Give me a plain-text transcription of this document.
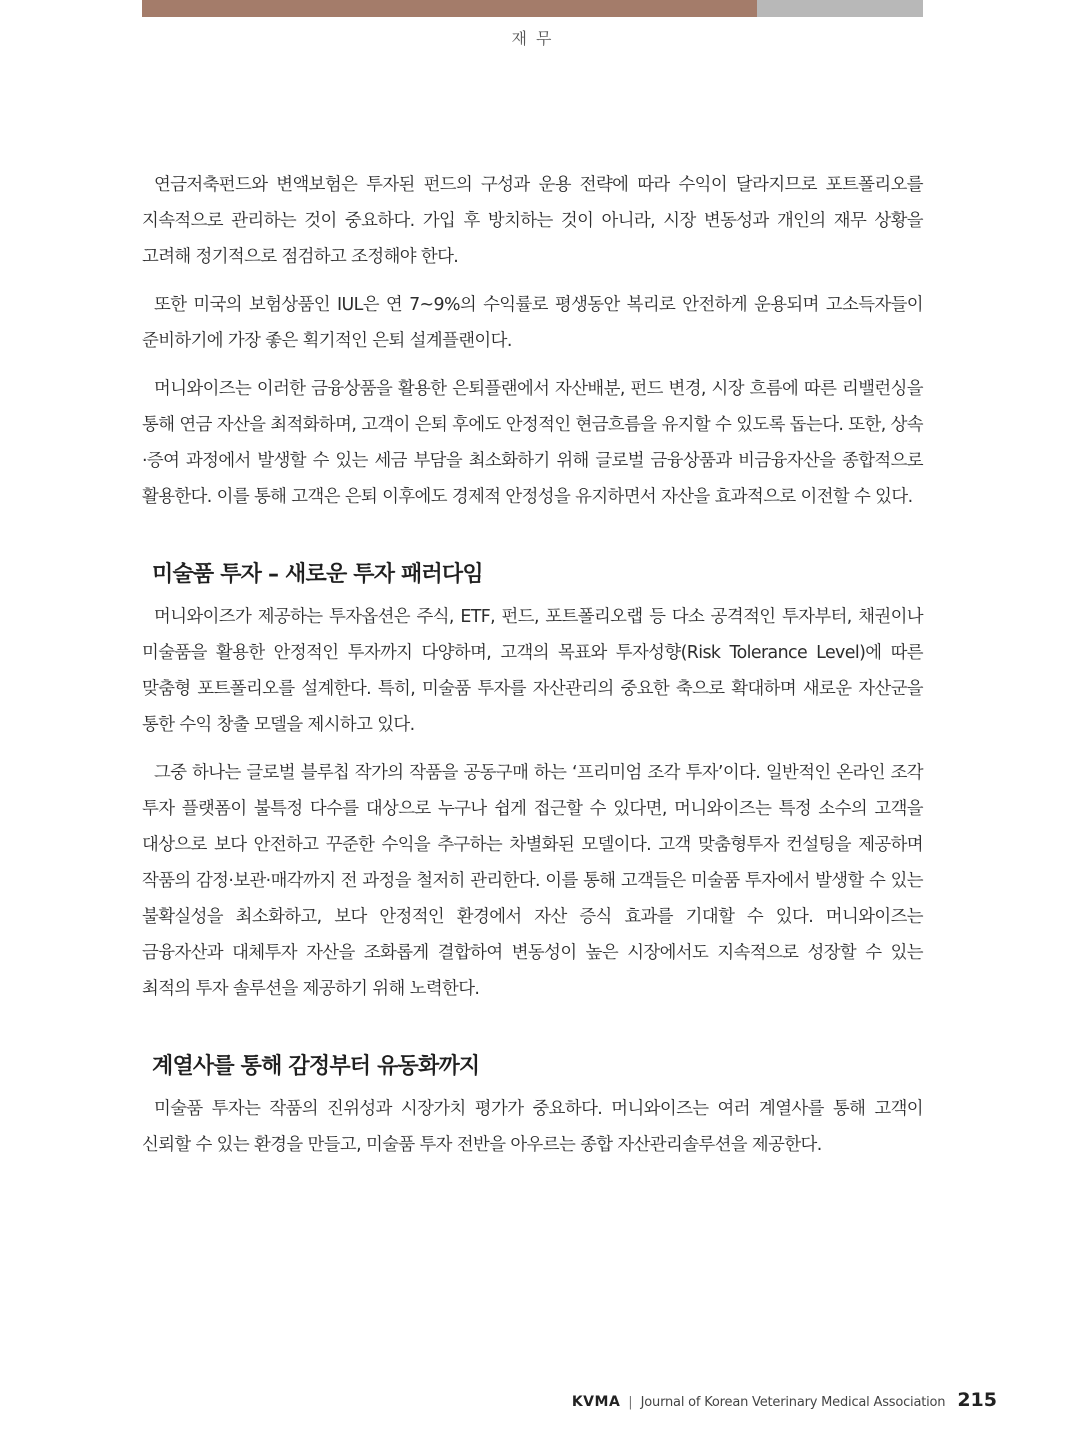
재 무

연금저축펀드와 변액보험은 투자된 펀드의 구성과 운용 전략에 따라 수익이 달라지므로 포트폴리오를 지속적으로 관리하는 것이 중요하다. 가입 후 방치하는 것이 아니라, 시장 변동성과 개인의 재무 상황을 고려해 정기적으로 점검하고 조정해야 한다.

또한 미국의 보험상품인 IUL은 연 7~9%의 수익률로 평생동안 복리로 안전하게 운용되며 고소득자들이 준비하기에 가장 좋은 획기적인 은퇴 설계플랜이다.

머니와이즈는 이러한 금융상품을 활용한 은퇴플랜에서 자산배분, 펀드 변경, 시장 흐름에 따른 리밸런싱을 통해 연금 자산을 최적화하며, 고객이 은퇴 후에도 안정적인 현금흐름을 유지할 수 있도록 돕는다. 또한, 상속·증여 과정에서 발생할 수 있는 세금 부담을 최소화하기 위해 글로벌 금융상품과 비금융자산을 종합적으로 활용한다. 이를 통해 고객은 은퇴 이후에도 경제적 안정성을 유지하면서 자산을 효과적으로 이전할 수 있다.

미술품 투자 – 새로운 투자 패러다임

머니와이즈가 제공하는 투자옵션은 주식, ETF, 펀드, 포트폴리오랩 등 다소 공격적인 투자부터, 채권이나 미술품을 활용한 안정적인 투자까지 다양하며, 고객의 목표와 투자성향(Risk Tolerance Level)에 따른 맞춤형 포트폴리오를 설계한다. 특히, 미술품 투자를 자산관리의 중요한 축으로 확대하며 새로운 자산군을 통한 수익 창출 모델을 제시하고 있다.

그중 하나는 글로벌 블루칩 작가의 작품을 공동구매 하는 ‘프리미엄 조각 투자’이다. 일반적인 온라인 조각 투자 플랫폼이 불특정 다수를 대상으로 누구나 쉽게 접근할 수 있다면, 머니와이즈는 특정 소수의 고객을 대상으로 보다 안전하고 꾸준한 수익을 추구하는 차별화된 모델이다. 고객 맞춤형투자 컨설팅을 제공하며 작품의 감정·보관·매각까지 전 과정을 철저히 관리한다. 이를 통해 고객들은 미술품 투자에서 발생할 수 있는 불확실성을 최소화하고, 보다 안정적인 환경에서 자산 증식 효과를 기대할 수 있다. 머니와이즈는 금융자산과 대체투자 자산을 조화롭게 결합하여 변동성이 높은 시장에서도 지속적으로 성장할 수 있는 최적의 투자 솔루션을 제공하기 위해 노력한다.

계열사를 통해 감정부터 유동화까지

미술품 투자는 작품의 진위성과 시장가치 평가가 중요하다. 머니와이즈는 여러 계열사를 통해 고객이 신뢰할 수 있는 환경을 만들고, 미술품 투자 전반을 아우르는 종합 자산관리솔루션을 제공한다.

KVMA | Journal of Korean Veterinary Medical Association 215
